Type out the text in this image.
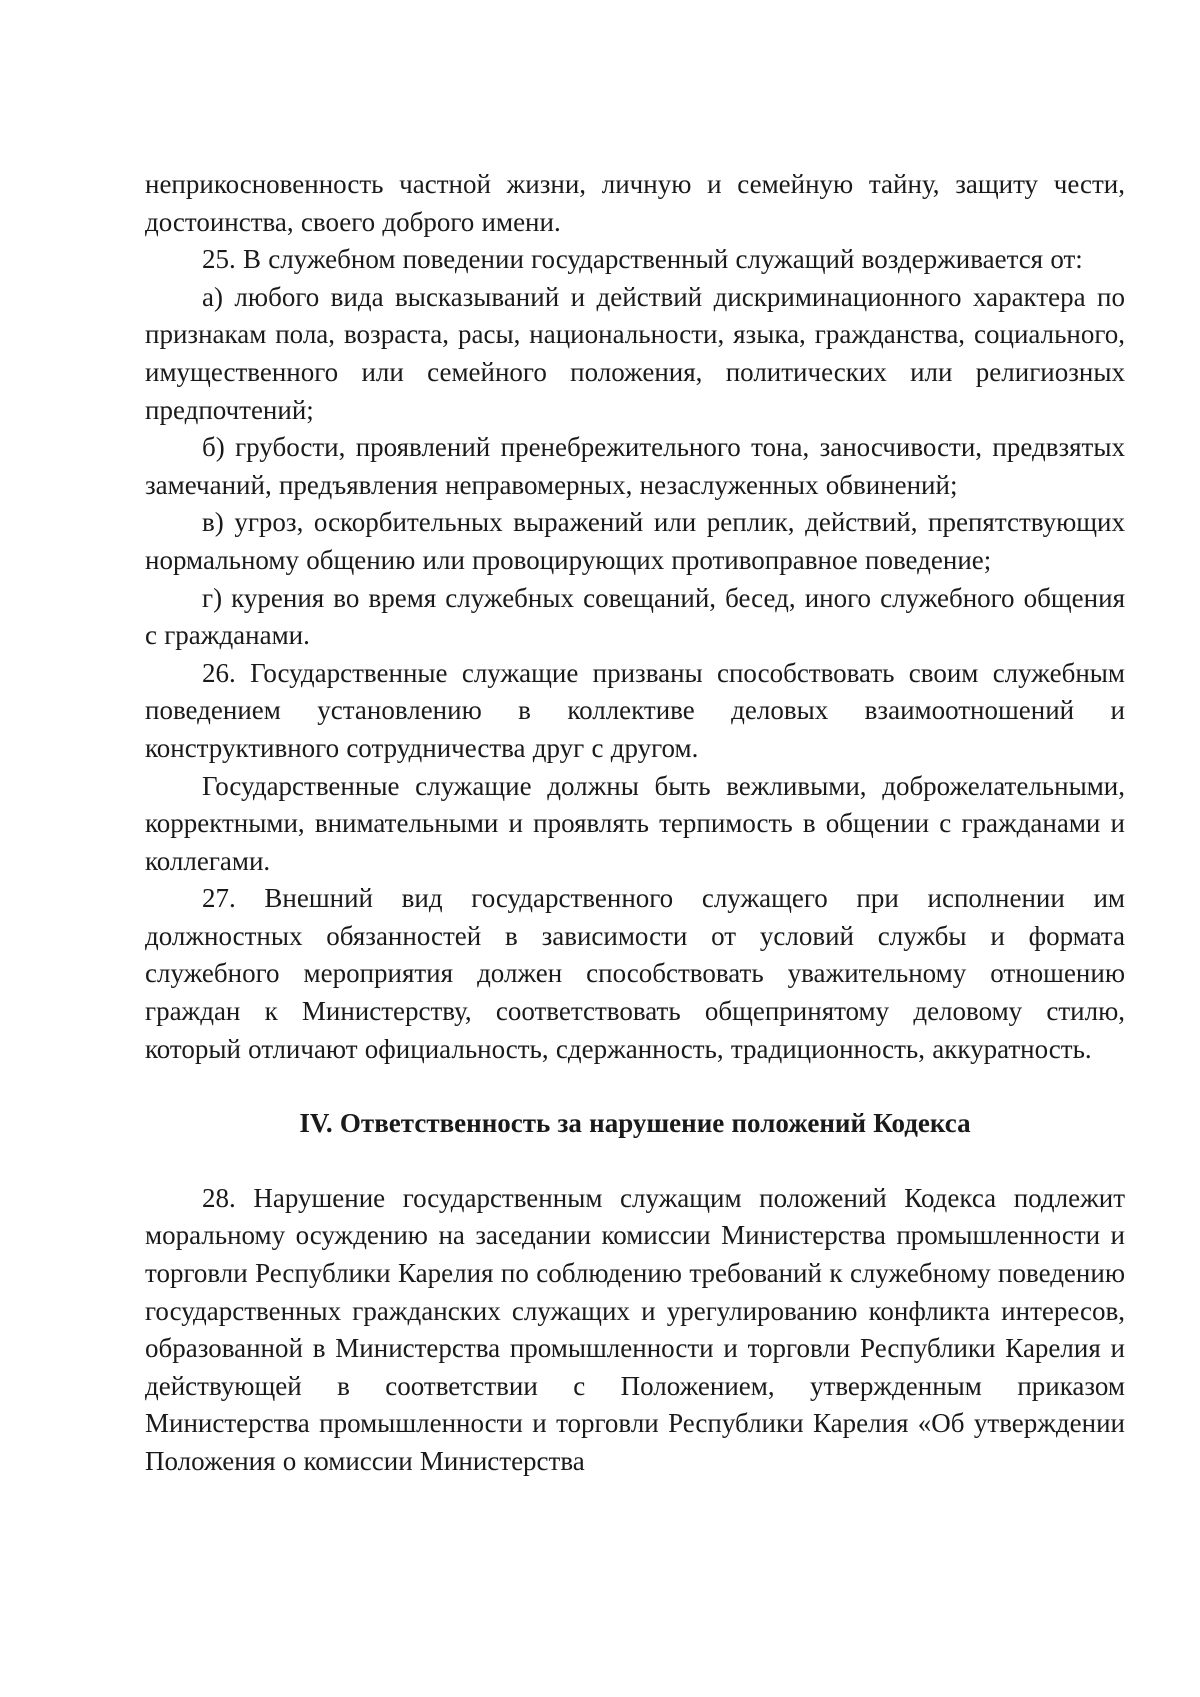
неприкосновенность частной жизни, личную и семейную тайну, защиту чести, достоинства, своего доброго имени.

25. В служебном поведении государственный служащий воздерживается от:

а) любого вида высказываний и действий дискриминационного характера по признакам пола, возраста, расы, национальности, языка, гражданства, социального, имущественного или семейного положения, политических или религиозных предпочтений;

б) грубости, проявлений пренебрежительного тона, заносчивости, предвзятых замечаний, предъявления неправомерных, незаслуженных обвинений;

в) угроз, оскорбительных выражений или реплик, действий, препятствующих нормальному общению или провоцирующих противоправное поведение;

г) курения во время служебных совещаний, бесед, иного служебного общения с гражданами.

26. Государственные служащие призваны способствовать своим служебным поведением установлению в коллективе деловых взаимоотношений и конструктивного сотрудничества друг с другом.

Государственные служащие должны быть вежливыми, доброжелательными, корректными, внимательными и проявлять терпимость в общении с гражданами и коллегами.

27. Внешний вид государственного служащего при исполнении им должностных обязанностей в зависимости от условий службы и формата служебного мероприятия должен способствовать уважительному отношению граждан к Министерству, соответствовать общепринятому деловому стилю, который отличают официальность, сдержанность, традиционность, аккуратность.

IV. Ответственность за нарушение положений Кодекса

28. Нарушение государственным служащим положений Кодекса подлежит моральному осуждению на заседании комиссии Министерства промышленности и торговли Республики Карелия по соблюдению требований к служебному поведению государственных гражданских служащих и урегулированию конфликта интересов, образованной в Министерства промышленности и торговли Республики Карелия и действующей в соответствии с Положением, утвержденным приказом Министерства промышленности и торговли Республики Карелия «Об утверждении Положения о комиссии Министерства
